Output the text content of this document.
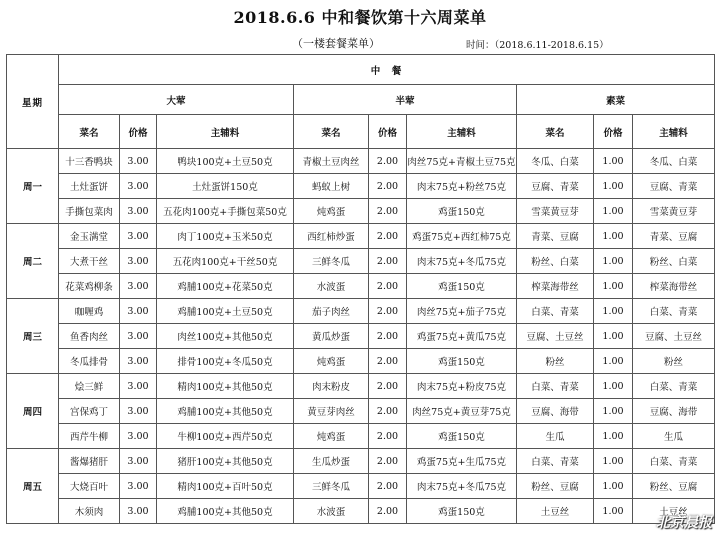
2018.6.6 中和餐饮第十六周菜单
（一楼套餐菜单）	时间：（2018.6.11-2018.6.15）
星期	中　餐								
	大荤			半荤			素菜		
	菜名	价格	主辅料	菜名	价格	主辅料	菜名	价格	主辅料
周一	十三香鸭块	3.00	鸭块100克+土豆50克	青椒土豆肉丝	2.00	肉丝75克+青椒土豆75克	冬瓜、白菜	1.00	冬瓜、白菜
	土灶蛋饼	3.00	土灶蛋饼150克	蚂蚁上树	2.00	肉末75克+粉丝75克	豆腐、青菜	1.00	豆腐、青菜
	手撕包菜肉	3.00	五花肉100克+手撕包菜50克	炖鸡蛋	2.00	鸡蛋150克	雪菜黄豆芽	1.00	雪菜黄豆芽
周二	金玉满堂	3.00	肉丁100克+玉米50克	西红柿炒蛋	2.00	鸡蛋75克+西红柿75克	青菜、豆腐	1.00	青菜、豆腐
	大煮干丝	3.00	五花肉100克+干丝50克	三鲜冬瓜	2.00	肉末75克+冬瓜75克	粉丝、白菜	1.00	粉丝、白菜
	花菜鸡柳条	3.00	鸡脯100克+花菜50克	水波蛋	2.00	鸡蛋150克	榨菜海带丝	1.00	榨菜海带丝
周三	咖喱鸡	3.00	鸡脯100克+土豆50克	茄子肉丝	2.00	肉丝75克+茄子75克	白菜、青菜	1.00	白菜、青菜
	鱼香肉丝	3.00	肉丝100克+其他50克	黄瓜炒蛋	2.00	鸡蛋75克+黄瓜75克	豆腐、土豆丝	1.00	豆腐、土豆丝
	冬瓜排骨	3.00	排骨100克+冬瓜50克	炖鸡蛋	2.00	鸡蛋150克	粉丝	1.00	粉丝
周四	烩三鲜	3.00	精肉100克+其他50克	肉末粉皮	2.00	肉末75克+粉皮75克	白菜、青菜	1.00	白菜、青菜
	宫保鸡丁	3.00	鸡脯100克+其他50克	黄豆芽肉丝	2.00	肉丝75克+黄豆芽75克	豆腐、海带	1.00	豆腐、海带
	西芹牛柳	3.00	牛柳100克+西芹50克	炖鸡蛋	2.00	鸡蛋150克	生瓜	1.00	生瓜
周五	酱爆猪肝	3.00	猪肝100克+其他50克	生瓜炒蛋	2.00	鸡蛋75克+生瓜75克	白菜、青菜	1.00	白菜、青菜
	大烧百叶	3.00	精肉100克+百叶50克	三鲜冬瓜	2.00	肉末75克+冬瓜75克	粉丝、豆腐	1.00	粉丝、豆腐
	木须肉	3.00	鸡脯100克+其他50克	水波蛋	2.00	鸡蛋150克	土豆丝	1.00	土豆丝
北京晨报
